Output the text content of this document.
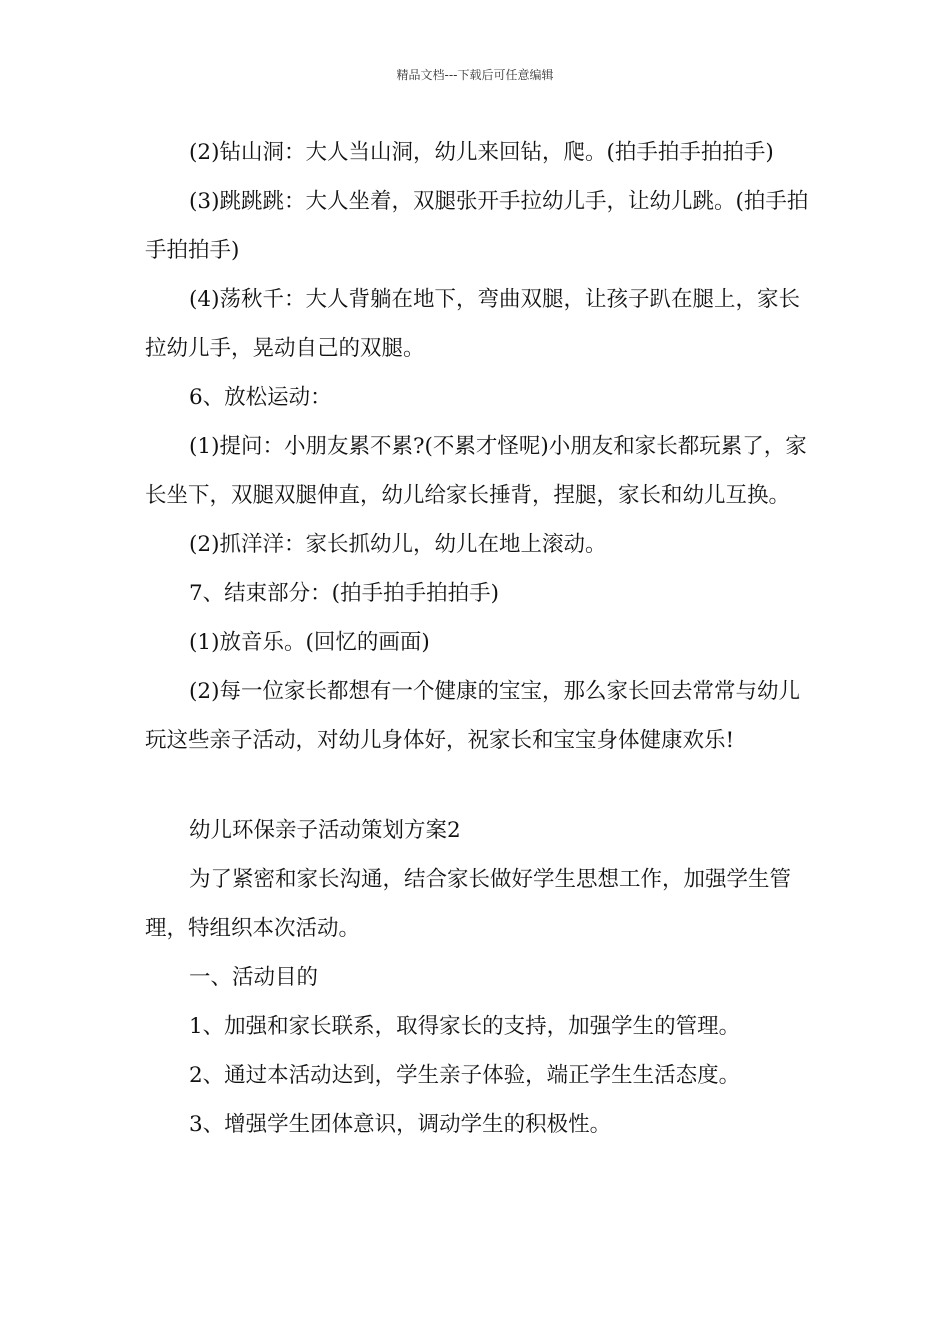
精品文档---下载后可任意编辑

(2)钻山洞：大人当山洞，幼儿来回钻，爬。(拍手拍手拍拍手)

(3)跳跳跳：大人坐着，双腿张开手拉幼儿手，让幼儿跳。(拍手拍手拍拍手)

(4)荡秋千：大人背躺在地下，弯曲双腿，让孩子趴在腿上，家长拉幼儿手，晃动自己的双腿。

6、放松运动：

(1)提问：小朋友累不累?(不累才怪呢)小朋友和家长都玩累了，家长坐下，双腿双腿伸直，幼儿给家长捶背，捏腿，家长和幼儿互换。

(2)抓洋洋：家长抓幼儿，幼儿在地上滚动。

7、结束部分：(拍手拍手拍拍手)

(1)放音乐。(回忆的画面)

(2)每一位家长都想有一个健康的宝宝，那么家长回去常常与幼儿玩这些亲子活动，对幼儿身体好，祝家长和宝宝身体健康欢乐!

幼儿环保亲子活动策划方案2

为了紧密和家长沟通，结合家长做好学生思想工作，加强学生管理，特组织本次活动。

一、活动目的

1、加强和家长联系，取得家长的支持，加强学生的管理。

2、通过本活动达到，学生亲子体验，端正学生生活态度。

3、增强学生团体意识，调动学生的积极性。
